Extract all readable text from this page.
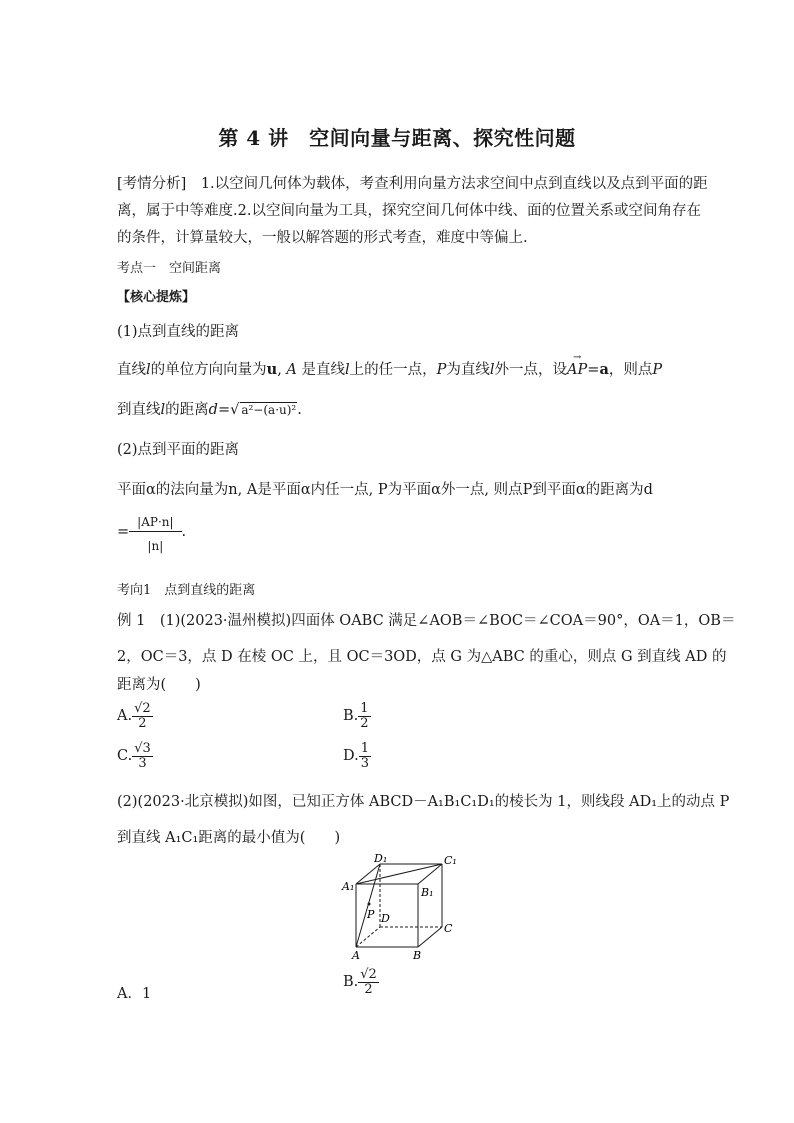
第 4 讲　空间向量与距离、探究性问题
[考情分析]　1.以空间几何体为载体，考查利用向量方法求空间中点到直线以及点到平面的距
离，属于中等难度.2.以空间向量为工具，探究空间几何体中线、面的位置关系或空间角存在
的条件，计算量较大，一般以解答题的形式考查，难度中等偏上.
考点一　空间距离
【核心提炼】
(1)点到直线的距离
直线l的单位方向向量为u, A 是直线l上的任一点，P为直线l外一点，设→ AP=a，则点P
到直线l的距离d=√ a²−(a·u)².
(2)点到平面的距离
平面α的法向量为n, A是平面α内任一点, P为平面α外一点, 则点P到平面α的距离为d
= $\frac{|AP\cdot n|}{|n|}$ .
考向1　点到直线的距离
例 1　(1)(2023·温州模拟)四面体 OABC 满足∠AOB＝∠BOC＝∠COA＝90°，OA＝1，OB＝
2，OC＝3，点 D 在棱 OC 上，且 OC＝3OD，点 G 为△ABC 的重心，则点 G 到直线 AD 的
距离为(　　)
A. $\frac{√2}{2}$	B. $\frac{1}{2}$
C. $\frac{√3}{3}$	D. $\frac{1}{3}$
(2)(2023·北京模拟)如图，已知正方体 ABCD－A₁B₁C₁D₁的棱长为 1，则线段 AD₁上的动点 P
到直线 A₁C₁距离的最小值为(　　)
D₁	C₁
A₁	B₁
P D
C
A	B
A．1
B. $\frac{√2}{2}$
